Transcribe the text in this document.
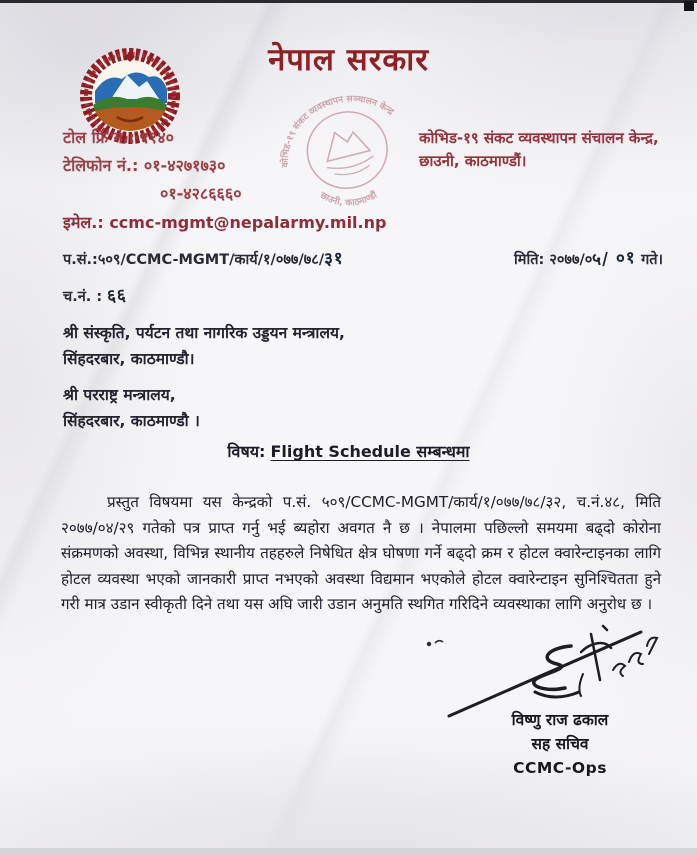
नेपाल सरकार
कोभिड-१९ संकट व्यवस्थापन सञ्चालन केन्द्र
छाउनी, काठमाण्डौं
टोल फ्रि नं.: ११४०
टेलिफोन नं.: ०१-४२७१७३०
०१-४२८६६६०
इमेल.: ccmc-mgmt@nepalarmy.mil.np
कोभिड-१९ संकट व्यवस्थापन संचालन केन्द्र,
छाउनी, काठमाण्डौं।
प.सं.:५०९/CCMC-MGMT/कार्य/१/०७७/७८/३१	मिति: २०७७/०५/ ०१ गते।
च.नं. : ६६
श्री संस्कृति, पर्यटन तथा नागरिक उड्डयन मन्त्रालय,
सिंहदरबार, काठमाण्डौ।
श्री परराष्ट्र मन्त्रालय,
सिंहदरबार, काठमाण्डौ ।
विषय: Flight Schedule सम्बन्धमा

प्रस्तुत विषयमा यस केन्द्रको प.सं. ५०९/CCMC-MGMT/कार्य/१/०७७/७८/३२, च.नं.४८, मिति २०७७/०४/२९ गतेको पत्र प्राप्त गर्नु भई ब्यहोरा अवगत नै छ । नेपालमा पछिल्लो समयमा बढ्दो कोरोना संक्रमणको अवस्था, विभिन्न स्थानीय तहहरुले निषेधित क्षेत्र घोषणा गर्ने बढ्दो क्रम र होटल क्वारेन्टाइनका लागि होटल व्यवस्था भएको जानकारी प्राप्त नभएको अवस्था विद्यमान भएकोले होटल क्वारेन्टाइन सुनिश्चितता हुने गरी मात्र उडान स्वीकृती दिने तथा यस अघि जारी उडान अनुमति स्थगित गरिदिने व्यवस्थाका लागि अनुरोध छ ।

विष्णु राज ढकाल
सह सचिव
CCMC-Ops
